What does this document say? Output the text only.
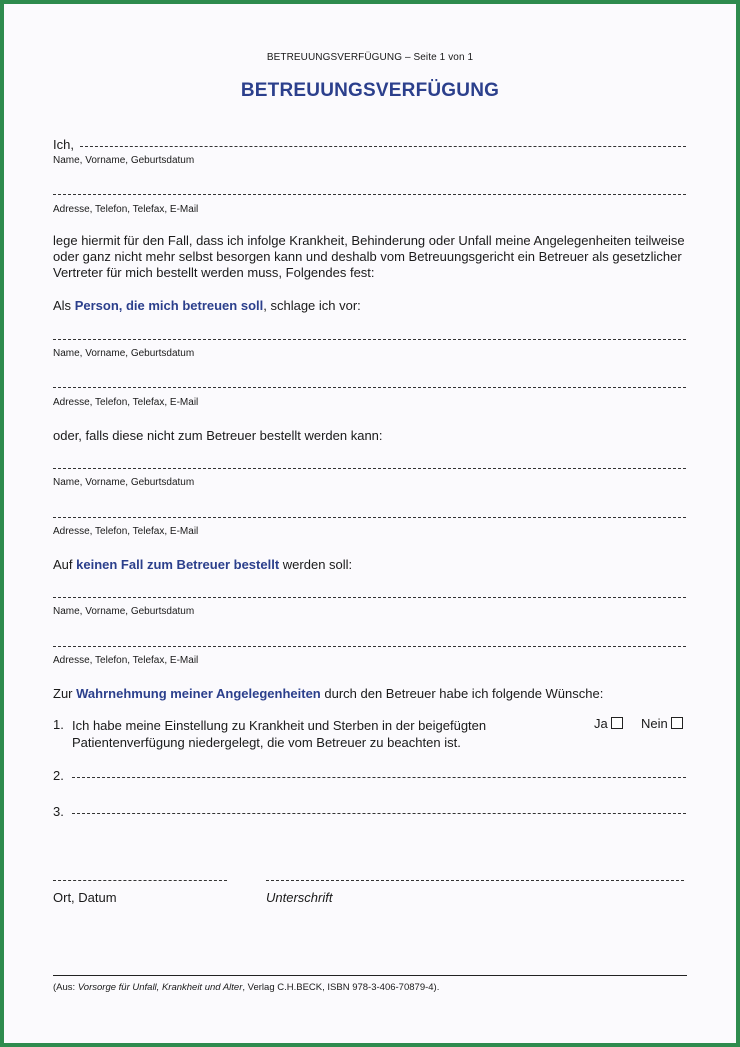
BETREUUNGSVERFÜGUNG – Seite 1 von 1
BETREUUNGSVERFÜGUNG
Ich,
Name, Vorname, Geburtsdatum
Adresse, Telefon, Telefax, E-Mail
lege hiermit für den Fall, dass ich infolge Krankheit, Behinderung oder Unfall meine Angelegenheiten teilweise oder ganz nicht mehr selbst besorgen kann und deshalb vom Betreuungsgericht ein Betreuer als gesetzlicher Vertreter für mich bestellt werden muss, Folgendes fest:
Als Person, die mich betreuen soll, schlage ich vor:
Name, Vorname, Geburtsdatum
Adresse, Telefon, Telefax, E-Mail
oder, falls diese nicht zum Betreuer bestellt werden kann:
Name, Vorname, Geburtsdatum
Adresse, Telefon, Telefax, E-Mail
Auf keinen Fall zum Betreuer bestellt werden soll:
Name, Vorname, Geburtsdatum
Adresse, Telefon, Telefax, E-Mail
Zur Wahrnehmung meiner Angelegenheiten durch den Betreuer habe ich folgende Wünsche:
1. Ich habe meine Einstellung zu Krankheit und Sterben in der beigefügten
Patientenverfügung niedergelegt, die vom Betreuer zu beachten ist.
Ja	Nein
2.
3.
Ort, Datum	Unterschrift
(Aus: Vorsorge für Unfall, Krankheit und Alter, Verlag C.H.BECK, ISBN 978-3-406-70879-4).
